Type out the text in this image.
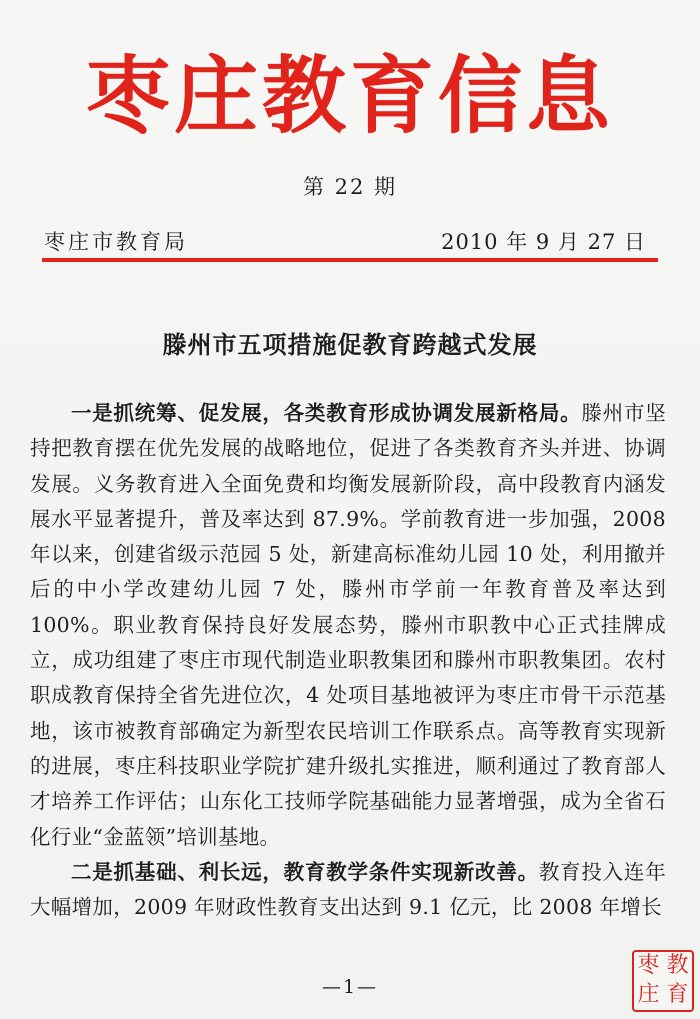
枣庄教育信息
第 22 期
枣庄市教育局	2010 年 9 月 27 日
滕州市五项措施促教育跨越式发展

一是抓统筹、促发展，各类教育形成协调发展新格局。滕州市坚持把教育摆在优先发展的战略地位，促进了各类教育齐头并进、协调发展。义务教育进入全面免费和均衡发展新阶段，高中段教育内涵发展水平显著提升，普及率达到 87.9%。学前教育进一步加强，2008 年以来，创建省级示范园 5 处，新建高标准幼儿园 10 处，利用撤并后的中小学改建幼儿园 7 处，滕州市学前一年教育普及率达到 100%。职业教育保持良好发展态势，滕州市职教中心正式挂牌成立，成功组建了枣庄市现代制造业职教集团和滕州市职教集团。农村职成教育保持全省先进位次，4 处项目基地被评为枣庄市骨干示范基地，该市被教育部确定为新型农民培训工作联系点。高等教育实现新的进展，枣庄科技职业学院扩建升级扎实推进，顺利通过了教育部人才培养工作评估；山东化工技师学院基础能力显著增强，成为全省石化行业“金蓝领”培训基地。

二是抓基础、利长远，教育教学条件实现新改善。教育投入连年大幅增加，2009 年财政性教育支出达到 9.1 亿元，比 2008 年增长

—1—
枣 教
庄 育
